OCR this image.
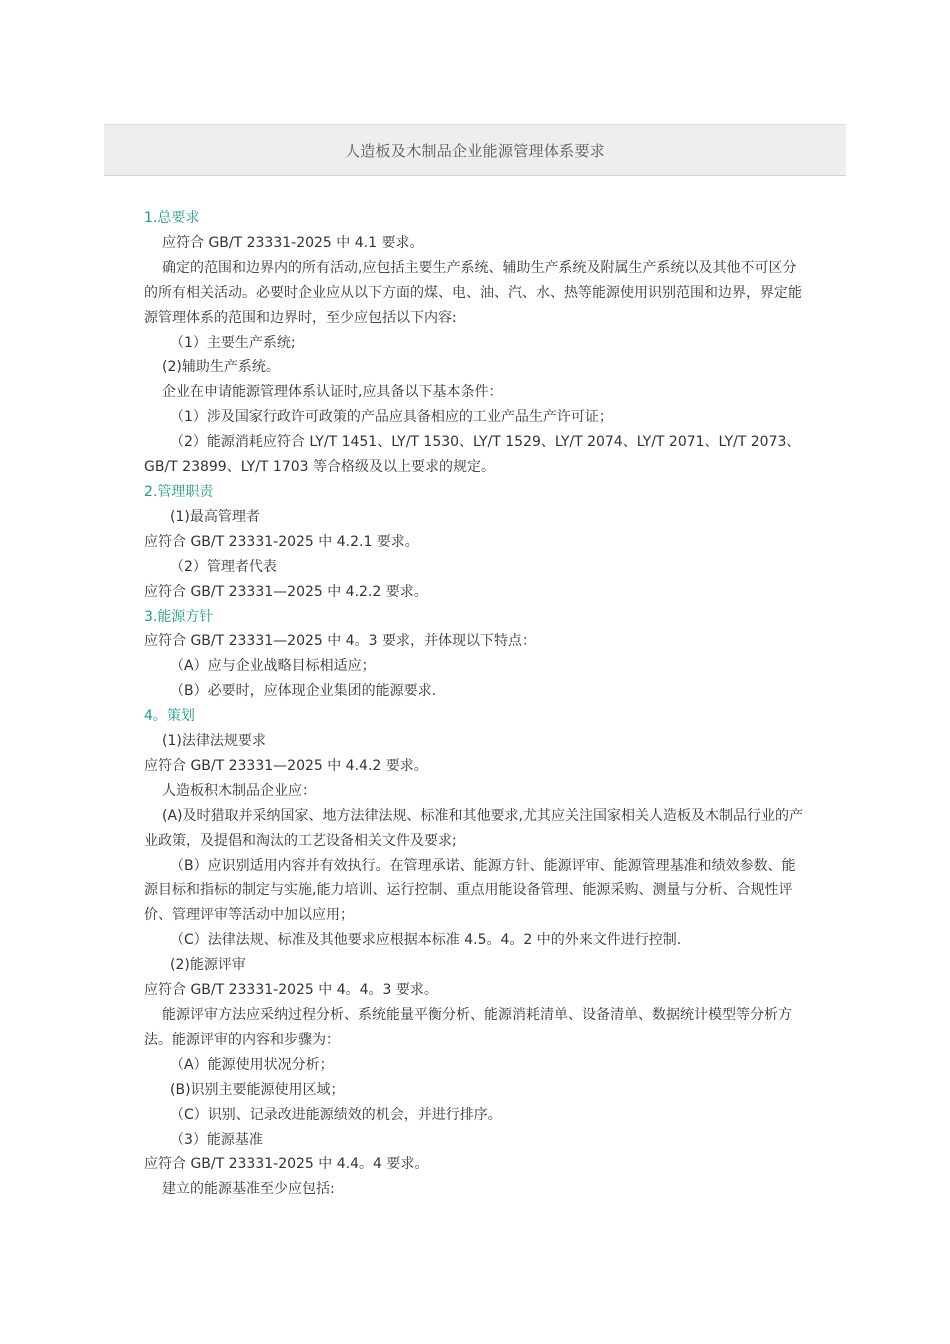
人造板及木制品企业能源管理体系要求
1.总要求
应符合 GB/T 23331-2025 中 4.1 要求。
确定的范围和边界内的所有活动,应包括主要生产系统、辅助生产系统及附属生产系统以及其他不可区分的所有相关活动。必要时企业应从以下方面的煤、电、油、汽、水、热等能源使用识别范围和边界，界定能源管理体系的范围和边界时，至少应包括以下内容:
（1）主要生产系统;
(2)辅助生产系统。
企业在申请能源管理体系认证时,应具备以下基本条件：
（1）涉及国家行政许可政策的产品应具备相应的工业产品生产许可证；
（2）能源消耗应符合 LY/T 1451、LY/T 1530、LY/T 1529、LY/T 2074、LY/T 2071、LY/T 2073、GB/T 23899、LY/T 1703 等合格级及以上要求的规定。
2.管理职责
(1)最高管理者
应符合 GB/T 23331-2025 中 4.2.1 要求。
（2）管理者代表
应符合 GB/T 23331—2025 中 4.2.2 要求。
3.能源方针
应符合 GB/T 23331—2025 中 4。3 要求，并体现以下特点：
（A）应与企业战略目标相适应；
（B）必要时，应体现企业集团的能源要求.
4。策划
(1)法律法规要求
应符合 GB/T 23331—2025 中 4.4.2 要求。
人造板积木制品企业应：
(A)及时猎取并采纳国家、地方法律法规、标准和其他要求,尤其应关注国家相关人造板及木制品行业的产业政策，及提倡和淘汰的工艺设备相关文件及要求;
（B）应识别适用内容并有效执行。在管理承诺、能源方针、能源评审、能源管理基准和绩效参数、能源目标和指标的制定与实施,能力培训、运行控制、重点用能设备管理、能源采购、测量与分析、合规性评价、管理评审等活动中加以应用；
（C）法律法规、标准及其他要求应根据本标准 4.5。4。2 中的外来文件进行控制.
(2)能源评审
应符合 GB/T 23331-2025 中 4。4。3 要求。
能源评审方法应采纳过程分析、系统能量平衡分析、能源消耗清单、设备清单、数据统计模型等分析方法。能源评审的内容和步骤为：
（A）能源使用状况分析；
(B)识别主要能源使用区域；
（C）识别、记录改进能源绩效的机会，并进行排序。
（3）能源基准
应符合 GB/T 23331-2025 中 4.4。4 要求。
建立的能源基准至少应包括:
